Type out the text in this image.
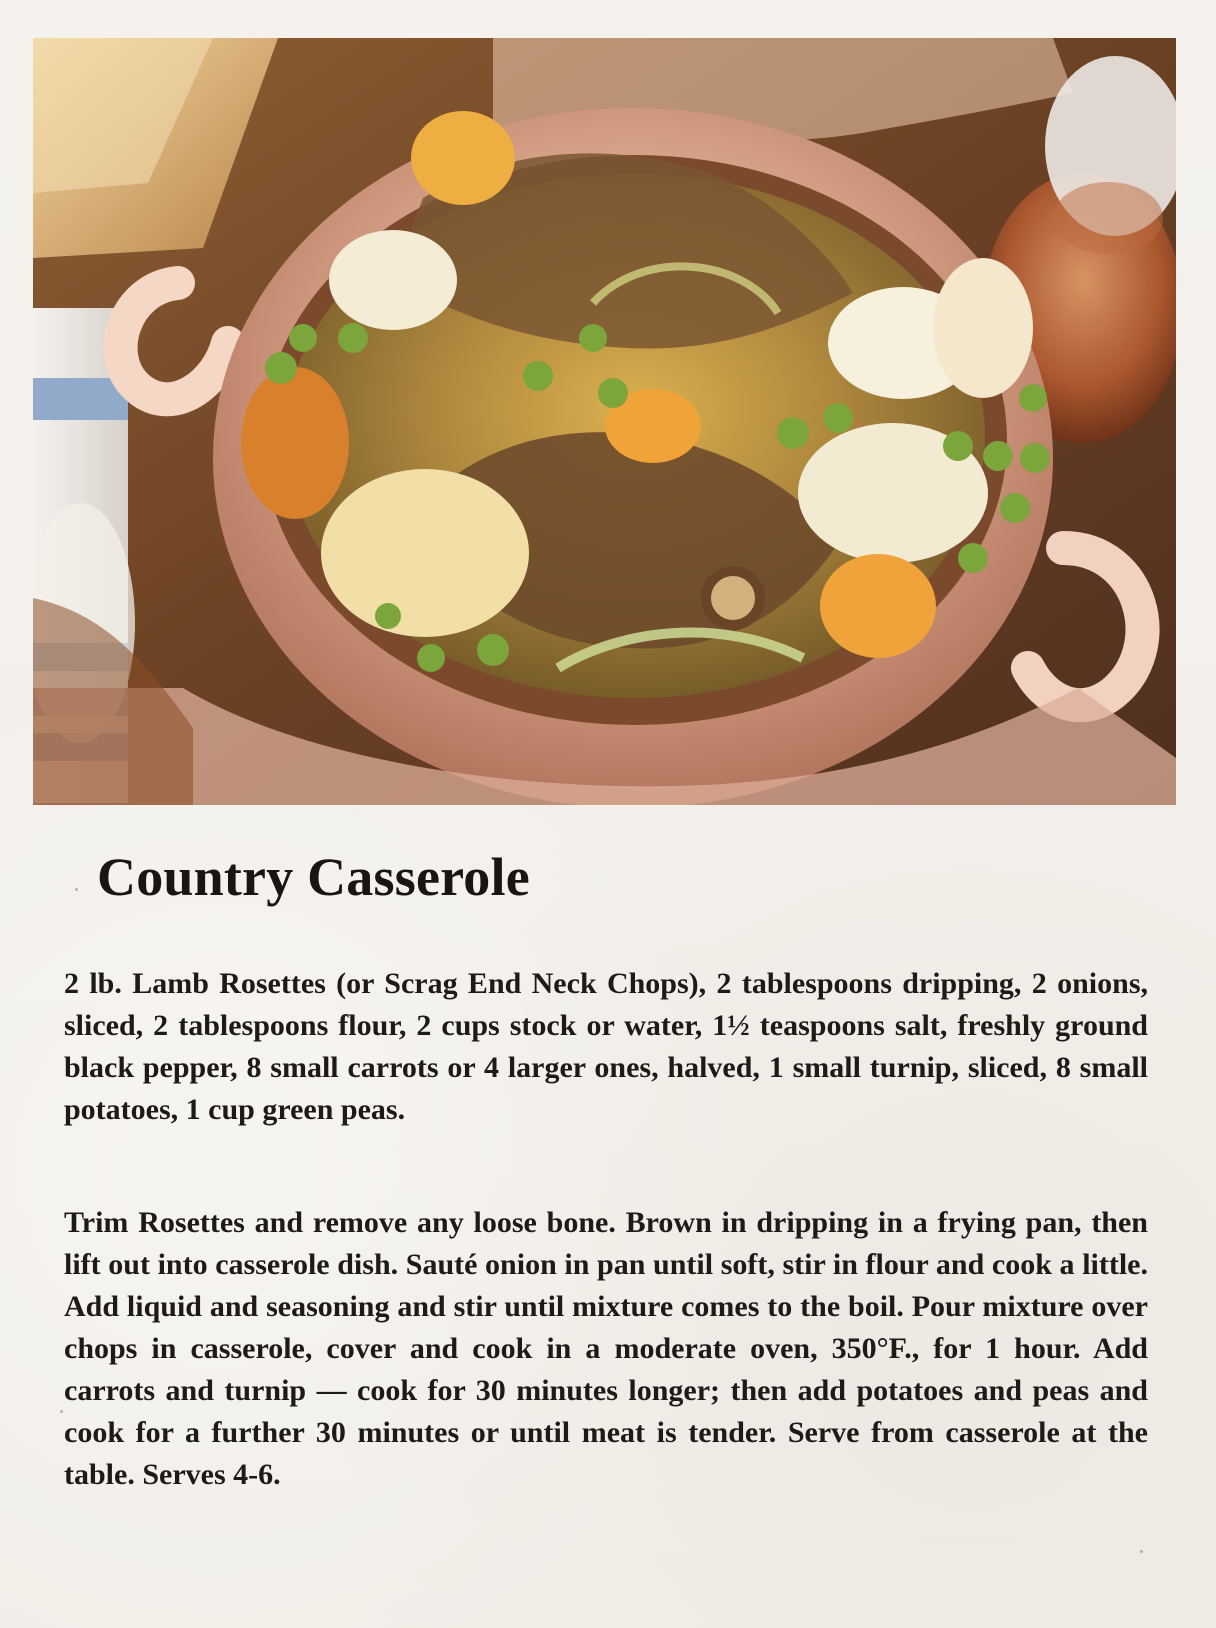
Country Casserole

2 lb. Lamb Rosettes (or Scrag End Neck Chops), 2 tablespoons dripping, 2 onions, sliced, 2 tablespoons flour, 2 cups stock or water, 1½ teaspoons salt, freshly ground black pepper, 8 small carrots or 4 larger ones, halved, 1 small turnip, sliced, 8 small potatoes, 1 cup green peas.

Trim Rosettes and remove any loose bone. Brown in dripping in a frying pan, then lift out into casserole dish. Sauté onion in pan until soft, stir in flour and cook a little. Add liquid and seasoning and stir until mixture comes to the boil. Pour mixture over chops in casserole, cover and cook in a moderate oven, 350°F., for 1 hour. Add carrots and turnip — cook for 30 minutes longer; then add potatoes and peas and cook for a further 30 minutes or until meat is tender. Serve from casserole at the table. Serves 4-6.
